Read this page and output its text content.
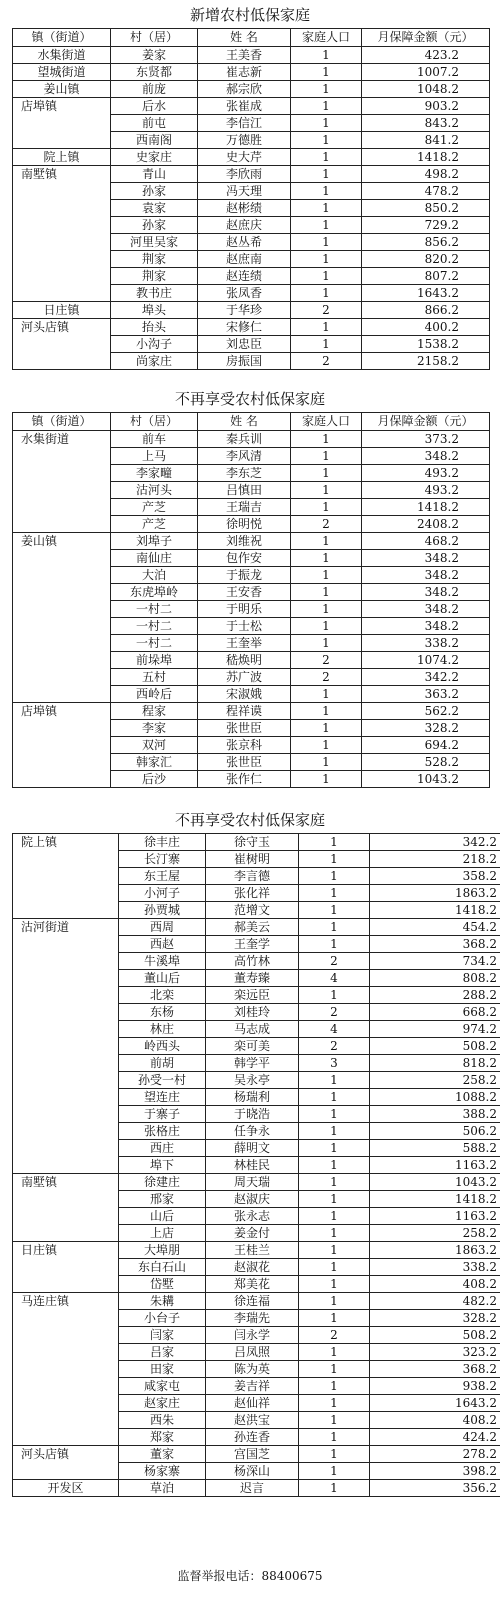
新增农村低保家庭
镇（街道）	村（居）	姓 名	家庭人口	月保障金额（元）
水集街道	姜家	王美香	1	423.2
望城街道	东贤都	崔志新	1	1007.2
姜山镇	前庞	郝宗欣	1	1048.2
店埠镇	后水	张崔成	1	903.2
	前屯	李信江	1	843.2
	西南阁	万德胜	1	841.2
院上镇	史家庄	史大芹	1	1418.2
南墅镇	青山	李欣雨	1	498.2
	孙家	冯天理	1	478.2
	袁家	赵彬绩	1	850.2
	孙家	赵庶庆	1	729.2
	河里吴家	赵丛希	1	856.2
	荆家	赵庶南	1	820.2
	荆家	赵连绩	1	807.2
	教书庄	张凤香	1	1643.2
日庄镇	埠头	于华珍	2	866.2
河头店镇	抬头	宋修仁	1	400.2
	小沟子	刘忠臣	1	1538.2
	尚家庄	房振国	2	2158.2
不再享受农村低保家庭
镇（街道）	村（居）	姓 名	家庭人口	月保障金额（元）
水集街道	前车	秦兵训	1	373.2
	上马	李风清	1	348.2
	李家疃	李东芝	1	493.2
	沽河头	吕慎田	1	493.2
	产芝	王瑞吉	1	1418.2
	产芝	徐明悦	2	2408.2
姜山镇	刘埠子	刘维祝	1	468.2
	南仙庄	包作安	1	348.2
	大泊	于振龙	1	348.2
	东虎埠岭	王安香	1	348.2
	一村二	于明乐	1	348.2
	一村二	于士松	1	348.2
	一村二	王奎举	1	338.2
	前垛埠	嵇焕明	2	1074.2
	五村	苏广波	2	342.2
	西岭后	宋淑娥	1	363.2
店埠镇	程家	程祥谟	1	562.2
	李家	张世臣	1	328.2
	双河	张京科	1	694.2
	韩家汇	张世臣	1	528.2
	后沙	张作仁	1	1043.2
不再享受农村低保家庭
院上镇	徐丰庄	徐守玉	1	342.2
	长汀寨	崔树明	1	218.2
	东王屋	李言德	1	358.2
	小河子	张化祥	1	1863.2
	孙贾城	范增文	1	1418.2
沽河街道	西周	郝美云	1	454.2
	西赵	王奎学	1	368.2
	牛溪埠	高竹林	2	734.2
	董山后	董寿臻	4	808.2
	北栾	栾远臣	1	288.2
	东杨	刘桂玲	2	668.2
	林庄	马志成	4	974.2
	岭西头	栾可美	2	508.2
	前胡	韩学平	3	818.2
	孙受一村	吴永亭	1	258.2
	望连庄	杨瑞利	1	1088.2
	于寨子	于晓浩	1	388.2
	张格庄	任争永	1	506.2
	西庄	薛明文	1	588.2
	埠下	林桂民	1	1163.2
南墅镇	徐建庄	周天瑞	1	1043.2
	邢家	赵淑庆	1	1418.2
	山后	张永志	1	1163.2
	上店	姜金付	1	258.2
日庄镇	大埠朋	王桂兰	1	1863.2
	东白石山	赵淑花	1	338.2
	岱墅	郑美花	1	408.2
马连庄镇	朱耩	徐连福	1	482.2
	小台子	李瑞先	1	328.2
	闫家	闫永学	2	508.2
	吕家	吕凤照	1	323.2
	田家	陈为英	1	368.2
	咸家屯	姜吉祥	1	938.2
	赵家庄	赵仙祥	1	1643.2
	西朱	赵洪宝	1	408.2
	郑家	孙连香	1	424.2
河头店镇	董家	宫国芝	1	278.2
	杨家寨	杨深山	1	398.2
开发区	草泊	迟言	1	356.2
监督举报电话：88400675
